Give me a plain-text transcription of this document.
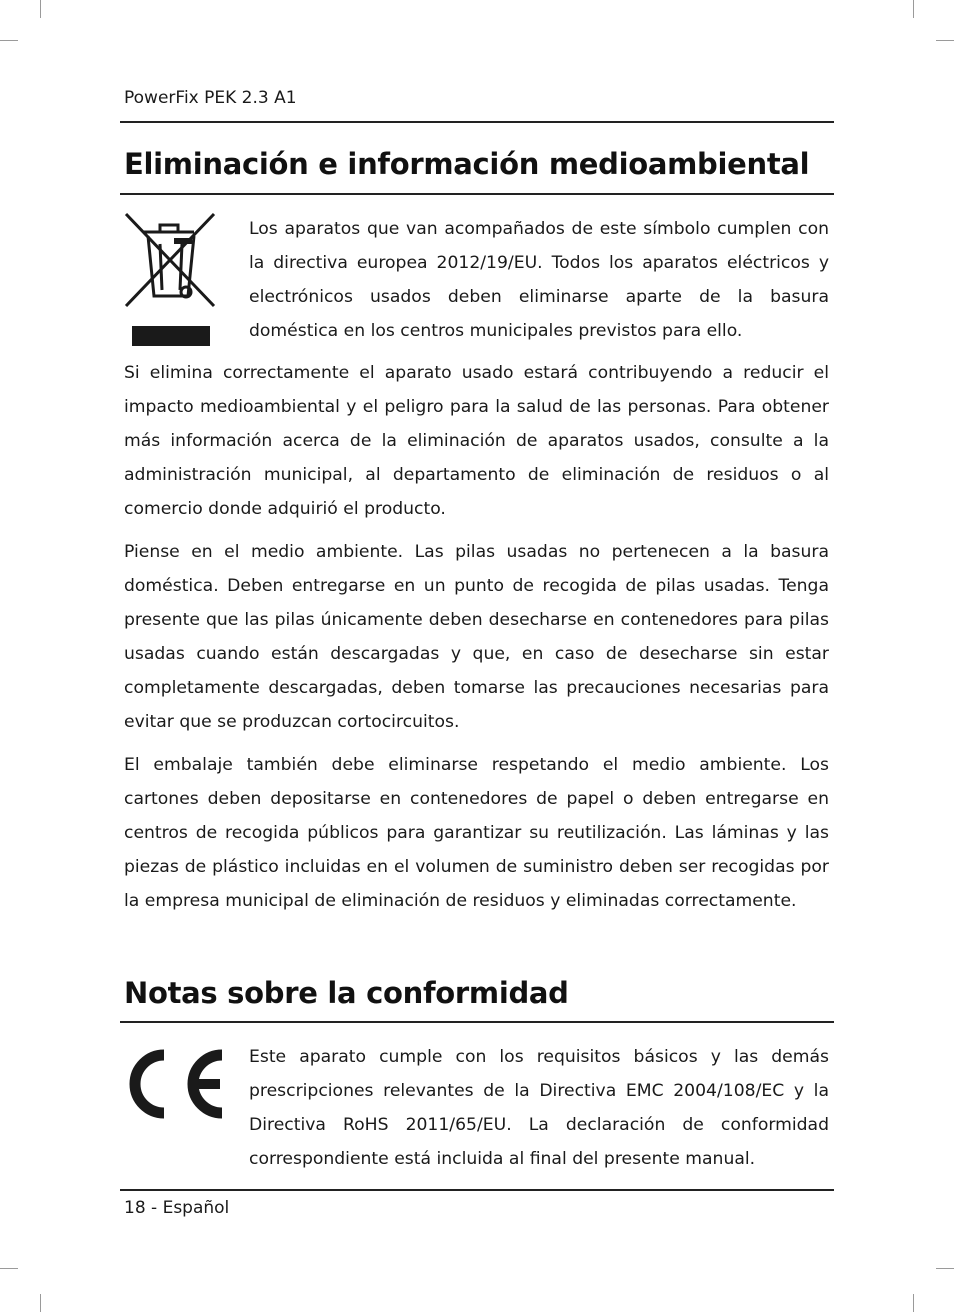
PowerFix PEK 2.3 A1
Eliminación e información medioambiental

Los aparatos que van acompañados de este símbolo cumplen con la directiva europea 2012/19/EU. Todos los aparatos eléctricos y electrónicos usados deben eliminarse aparte de la basura doméstica en los centros municipales previstos para ello.

Si elimina correctamente el aparato usado estará contribuyendo a reducir el impacto medioambiental y el peligro para la salud de las personas. Para obtener más información acerca de la eliminación de aparatos usados, consulte a la administración municipal, al departamento de eliminación de residuos o al comercio donde adquirió el producto.

Piense en el medio ambiente. Las pilas usadas no pertenecen a la basura doméstica. Deben entregarse en un punto de recogida de pilas usadas. Tenga presente que las pilas únicamente deben desecharse en contenedores para pilas usadas cuando están descargadas y que, en caso de desecharse sin estar completamente descargadas, deben tomarse las precauciones necesarias para evitar que se produzcan cortocircuitos.

El embalaje también debe eliminarse respetando el medio ambiente. Los cartones deben depositarse en contenedores de papel o deben entregarse en centros de recogida públicos para garantizar su reutilización. Las láminas y las piezas de plástico incluidas en el volumen de suministro deben ser recogidas por la empresa municipal de eliminación de residuos y eliminadas correctamente.

Notas sobre la conformidad

Este aparato cumple con los requisitos básicos y las demás prescripciones relevantes de la Directiva EMC 2004/108/EC y la Directiva RoHS 2011/65/EU. La declaración de conformidad correspondiente está incluida al final del presente manual.

18 - Español
